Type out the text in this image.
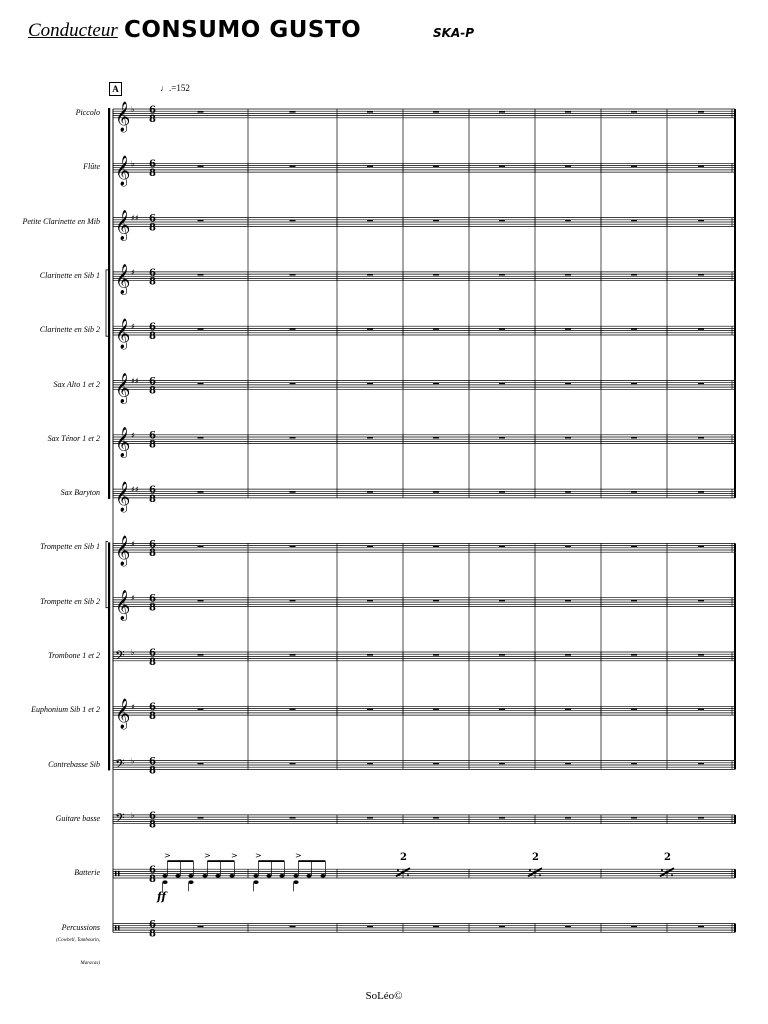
Conducteur CONSUMO GUSTO	SKA-P
A	♩.=152
Piccolo
Flûte
Petite Clarinette en Mib
Clarinette en Sib 1
Clarinette en Sib 2
Sax Alto 1 et 2
Sax Ténor 1 et 2
Sax Baryton
Trompette en Sib 1
Trompette en Sib 2
Trombone 1 et 2
Euphonium Sib 1 et 2
Contrebasse Sib
Guitare basse
Batterie
Percussions
(Cowbell, Tambourin,
Maracas)
𝄞 ♭ 6
8
𝄞 ♭ 6
8
𝄞 ♯♯ 6
8
𝄞 ♯ 6
8
𝄞 ♯ 6
8
𝄞 ♯♯ 6
8
𝄞 ♯ 6
8
𝄞 ♯♯ 6
8
𝄞 ♯ 6
8
𝄞 ♯ 6
8
𝄢 ♭ 6
8
𝄞 ♯ 6
8
𝄢 ♭ 6
8
𝄢 ♭ 6
8
𝄥	6
8
𝄥	6
8
>	>	> >	>
ff
2	2	2
SoLéo©
